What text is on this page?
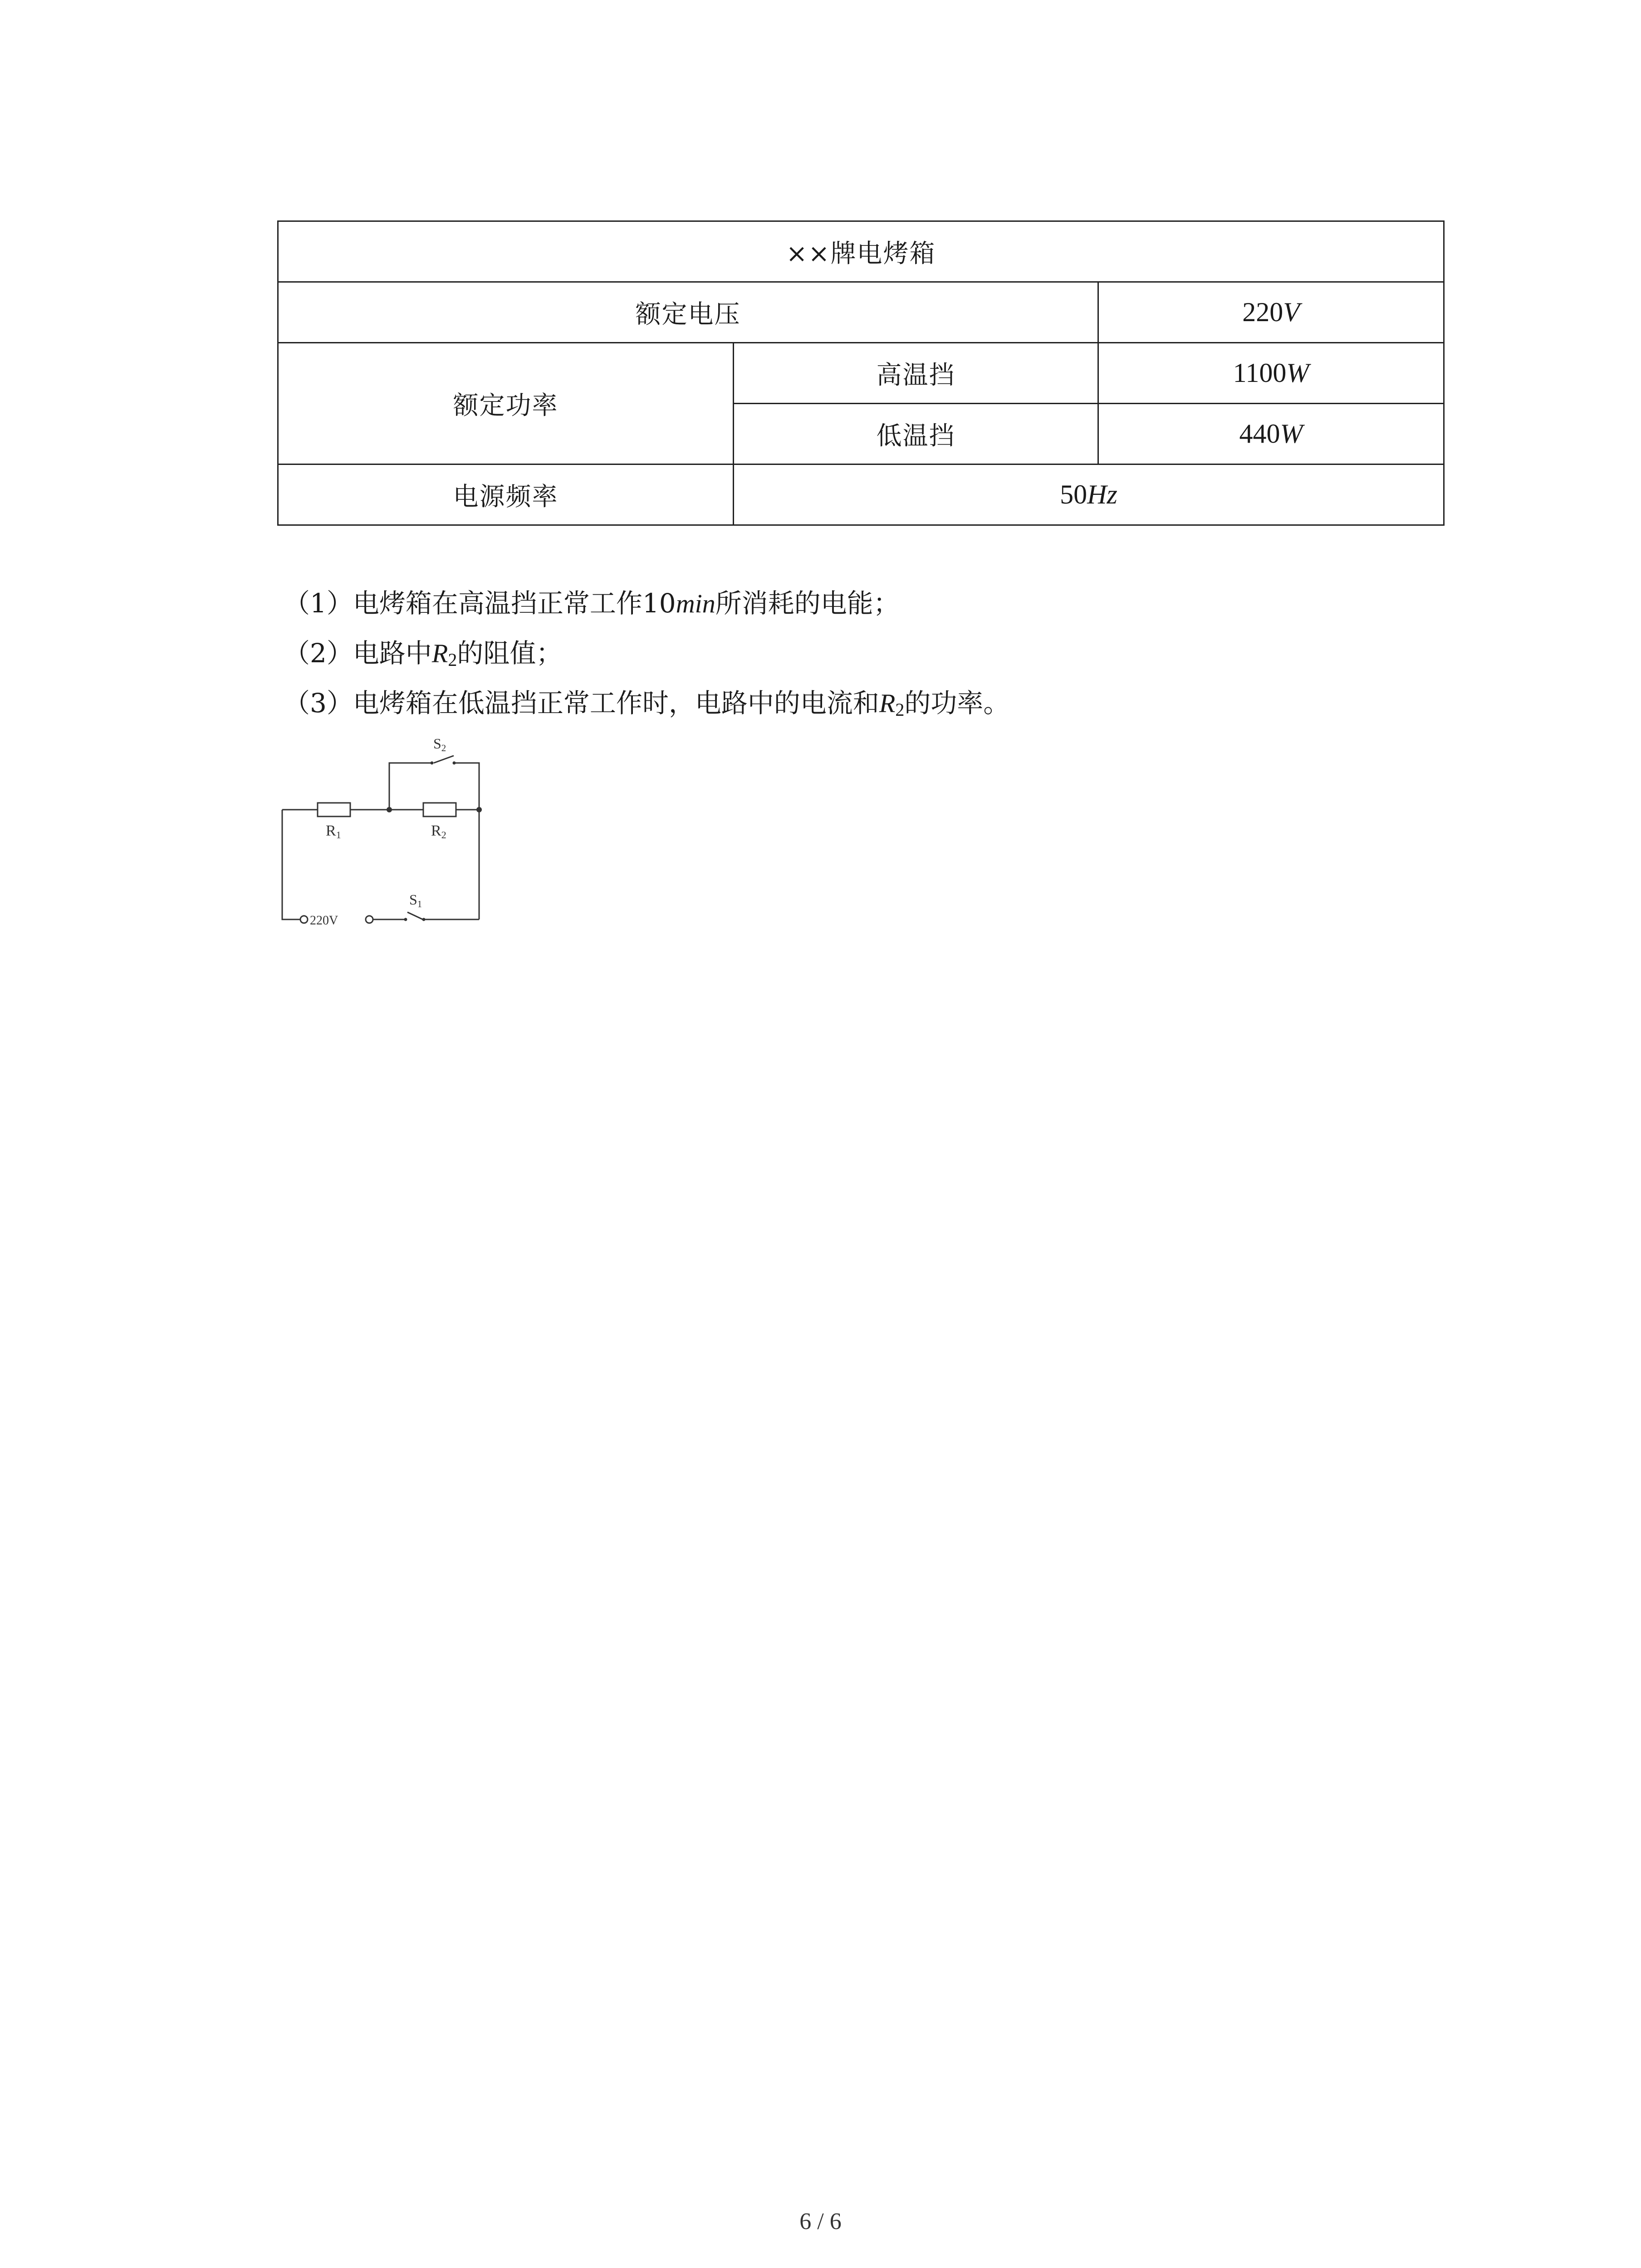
××牌电烤箱		
额定电压		220V
额定功率	高温挡	1100W
	低温挡	440W
电源频率	50Hz	
（1）电烤箱在高温挡正常工作10min所消耗的电能；
（2）电路中$R_2$的阻值；
（3）电烤箱在低温挡正常工作时，电路中的电流和$R_2$的功率。
R1	R2
S2
S1
220V
6 / 6
